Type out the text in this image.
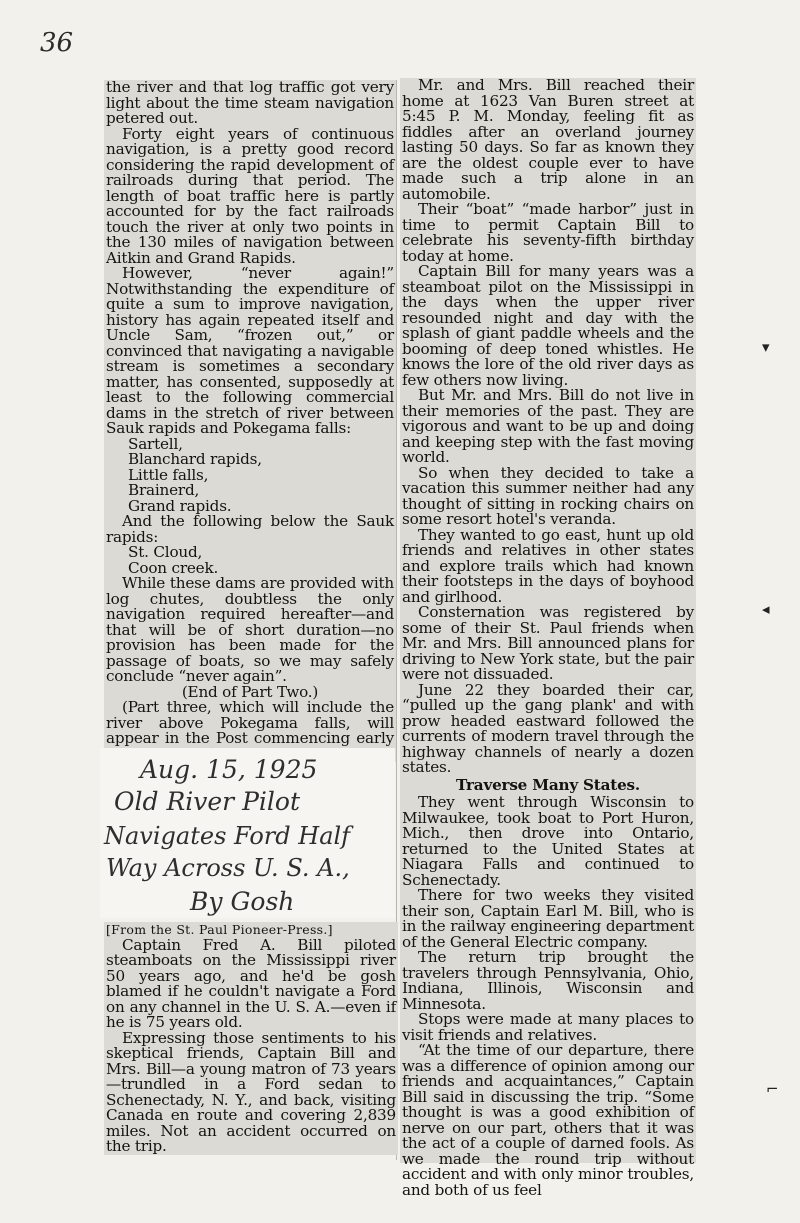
36

the river and that log traffic got very light about the time steam navigation petered out.

Forty eight years of continuous navigation, is a pretty good record considering the rapid development of railroads during that period. The length of boat traffic here is partly accounted for by the fact railroads touch the river at only two points in the 130 miles of navigation between Aitkin and Grand Rapids.

However, “never again!” Notwithstanding the expenditure of quite a sum to improve navigation, history has again repeated itself and Uncle Sam, “frozen out,” or convinced that navigating a navigable stream is sometimes a secondary matter, has consented, supposedly at least to the following commercial dams in the stretch of river between Sauk rapids and Pokegama falls:

Sartell,

Blanchard rapids,

Little falls,

Brainerd,

Grand rapids.

And the following below the Sauk rapids:

St. Cloud,

Coon creek.

While these dams are provided with log chutes, doubtless the only navigation required hereafter—and that will be of short duration—no provision has been made for the passage of boats, so we may safely conclude “never again”.

(End of Part Two.)

(Part three, which will include the river above Pokegama falls, will appear in the Post commencing early

Aug. 15, 1925
Old River Pilot
Navigates Ford Half
Way Across U. S. A.,
By Gosh

[From the St. Paul Pioneer-Press.]

Captain Fred A. Bill piloted steamboats on the Mississippi river 50 years ago, and he'd be gosh blamed if he couldn't navigate a Ford on any channel in the U. S. A.—even if he is 75 years old.

Expressing those sentiments to his skeptical friends, Captain Bill and Mrs. Bill—a young matron of 73 years—trundled in a Ford sedan to Schenectady, N. Y., and back, visiting Canada en route and covering 2,839 miles. Not an accident occurred on the trip.

Mr. and Mrs. Bill reached their home at 1623 Van Buren street at 5:45 P. M. Monday, feeling fit as fiddles after an overland journey lasting 50 days. So far as known they are the oldest couple ever to have made such a trip alone in an automobile.

Their “boat” “made harbor” just in time to permit Captain Bill to celebrate his seventy-fifth birthday today at home.

Captain Bill for many years was a steamboat pilot on the Mississippi in the days when the upper river resounded night and day with the splash of giant paddle wheels and the booming of deep toned whistles. He knows the lore of the old river days as few others now living.

But Mr. and Mrs. Bill do not live in their memories of the past. They are vigorous and want to be up and doing and keeping step with the fast moving world.

So when they decided to take a vacation this summer neither had any thought of sitting in rocking chairs on some resort hotel's veranda.

They wanted to go east, hunt up old friends and relatives in other states and explore trails which had known their footsteps in the days of boyhood and girlhood.

Consternation was registered by some of their St. Paul friends when Mr. and Mrs. Bill announced plans for driving to New York state, but the pair were not dissuaded.

June 22 they boarded their car, “pulled up the gang plank' and with prow headed eastward followed the currents of modern travel through the highway channels of nearly a dozen states.

Traverse Many States.

They went through Wisconsin to Milwaukee, took boat to Port Huron, Mich., then drove into Ontario, returned to the United States at Niagara Falls and continued to Schenectady.

There for two weeks they visited their son, Captain Earl M. Bill, who is in the railway engineering department of the General Electric company.

The return trip brought the travelers through Pennsylvania, Ohio, Indiana, Illinois, Wisconsin and Minnesota.

Stops were made at many places to visit friends and relatives.

“At the time of our departure, there was a difference of opinion among our friends and acquaintances,” Captain Bill said in discussing the trip. “Some thought is was a good exhibition of nerve on our part, others that it was the act of a couple of darned fools. As we made the round trip without accident and with only minor troubles, and both of us feel

▾
◂
⌐
